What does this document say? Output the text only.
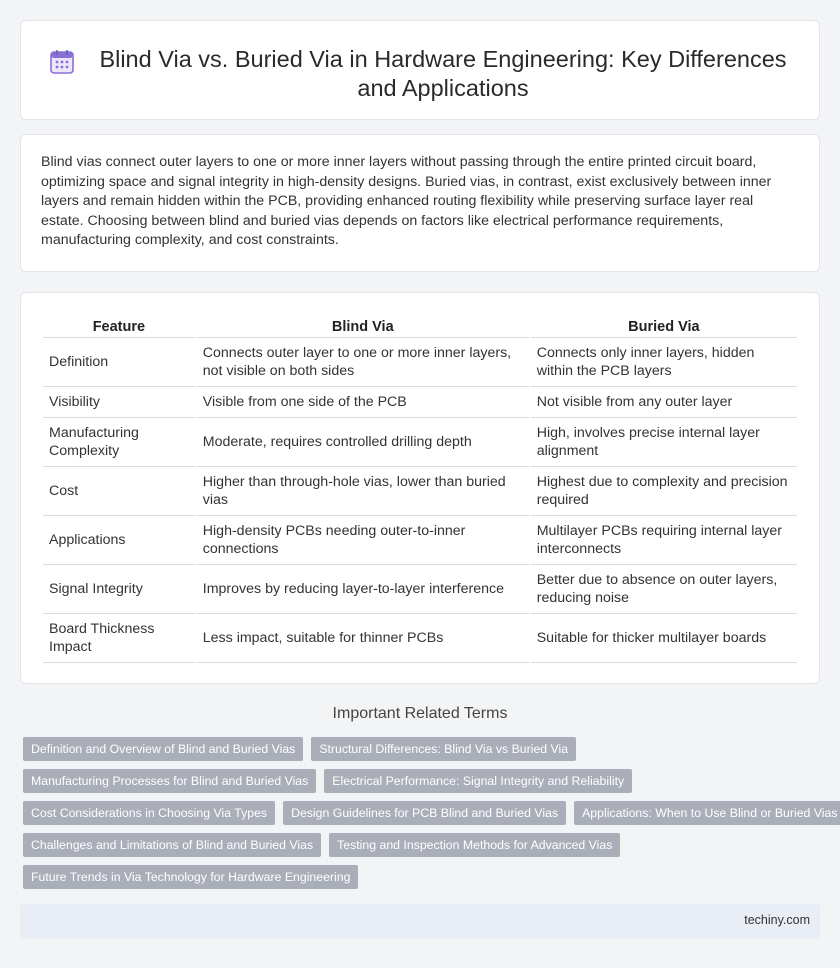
Blind Via vs. Buried Via in Hardware Engineering: Key Differences and Applications

Blind vias connect outer layers to one or more inner layers without passing through the entire printed circuit board, optimizing space and signal integrity in high-density designs. Buried vias, in contrast, exist exclusively between inner layers and remain hidden within the PCB, providing enhanced routing flexibility while preserving surface layer real estate. Choosing between blind and buried vias depends on factors like electrical performance requirements, manufacturing complexity, and cost constraints.

Feature	Blind Via	Buried Via
Definition	Connects outer layer to one or more inner layers, not visible on both sides	Connects only inner layers, hidden within the PCB layers
Visibility	Visible from one side of the PCB	Not visible from any outer layer
Manufacturing Complexity	Moderate, requires controlled drilling depth	High, involves precise internal layer alignment
Cost	Higher than through-hole vias, lower than buried vias	Highest due to complexity and precision required
Applications	High-density PCBs needing outer-to-inner connections	Multilayer PCBs requiring internal layer interconnects
Signal Integrity	Improves by reducing layer-to-layer interference	Better due to absence on outer layers, reducing noise
Board Thickness Impact	Less impact, suitable for thinner PCBs	Suitable for thicker multilayer boards
Important Related Terms
Definition and Overview of Blind and Buried Vias	Structural Differences: Blind Via vs Buried Via
Manufacturing Processes for Blind and Buried Vias	Electrical Performance: Signal Integrity and Reliability
Cost Considerations in Choosing Via Types	Design Guidelines for PCB Blind and Buried Vias	Applications: When to Use Blind or Buried Vias
Challenges and Limitations of Blind and Buried Vias	Testing and Inspection Methods for Advanced Vias
Future Trends in Via Technology for Hardware Engineering
techiny.com
